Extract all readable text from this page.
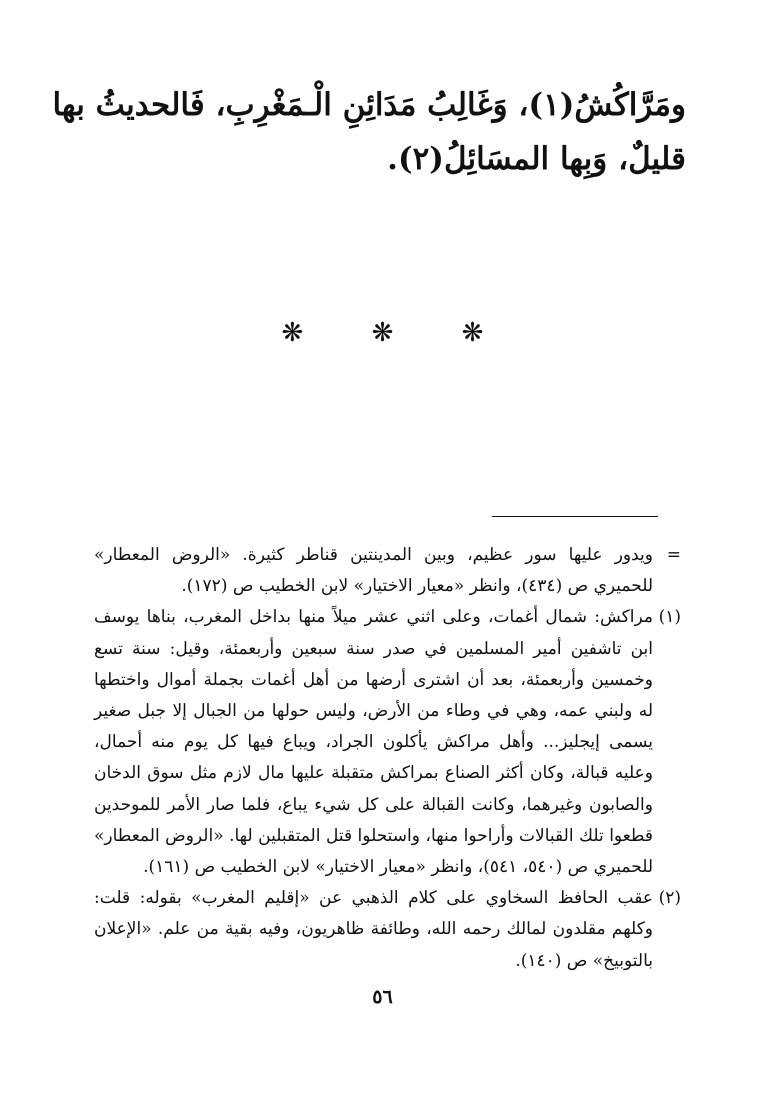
ومَرَّاكُشُ(١)، وَغَالِبُ مَدَائِنِ الْـمَغْرِبِ، فَالحديثُ بها
قليلٌ، وَبِها المسَائِلُ(٢).
❋ ❋ ❋
=
ويدور عليها سور عظيم، وبين المدينتين قناطر كثيرة. «الروض المعطار» للحميري ص (٤٣٤)، وانظر «معيار الاختيار» لابن الخطيب ص (١٧٢).
(١)
مراكش: شمال أغمات، وعلى اثني عشر ميلاً منها بداخل المغرب، بناها يوسف ابن تاشفين أمير المسلمين في صدر سنة سبعين وأربعمئة، وقيل: سنة تسع وخمسين وأربعمئة، بعد أن اشترى أرضها من أهل أغمات بجملة أموال واختطها له ولبني عمه، وهي في وطاء من الأرض، وليس حولها من الجبال إلا جبل صغير يسمى إيجليز... وأهل مراكش يأكلون الجراد، ويباع فيها كل يوم منه أحمال، وعليه قبالة، وكان أكثر الصناع بمراكش متقبلة عليها مال لازم مثل سوق الدخان والصابون وغيرهما، وكانت القبالة على كل شيء يباع، فلما صار الأمر للموحدين قطعوا تلك القبالات وأراحوا منها، واستحلوا قتل المتقبلين لها. «الروض المعطار» للحميري ص (٥٤٠، ٥٤١)، وانظر «معيار الاختيار» لابن الخطيب ص (١٦١).
(٢)
عقب الحافظ السخاوي على كلام الذهبي عن «إقليم المغرب» بقوله: قلت: وكلهم مقلدون لمالك رحمه الله، وطائفة ظاهريون، وفيه بقية من علم. «الإعلان بالتوبيخ» ص (١٤٠).
٥٦
